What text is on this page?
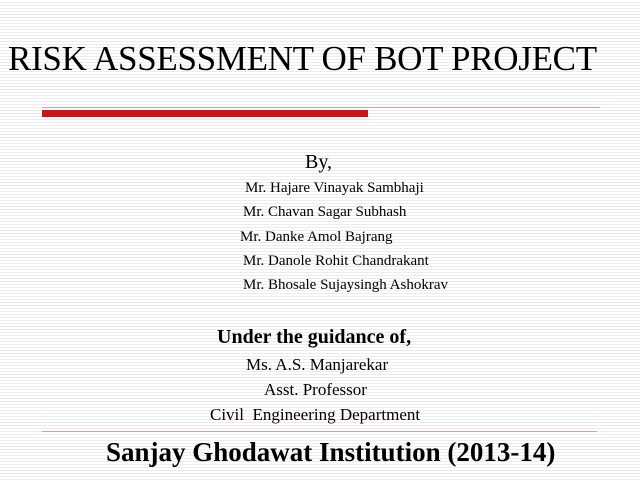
RISK ASSESSMENT OF BOT PROJECT
By,
Mr. Hajare Vinayak Sambhaji
Mr. Chavan Sagar Subhash
Mr. Danke Amol Bajrang
Mr. Danole Rohit Chandrakant
Mr. Bhosale Sujaysingh Ashokrav
Under the guidance of,
Ms. A.S. Manjarekar
Asst. Professor
Civil  Engineering Department
Sanjay Ghodawat Institution (2013-14)
